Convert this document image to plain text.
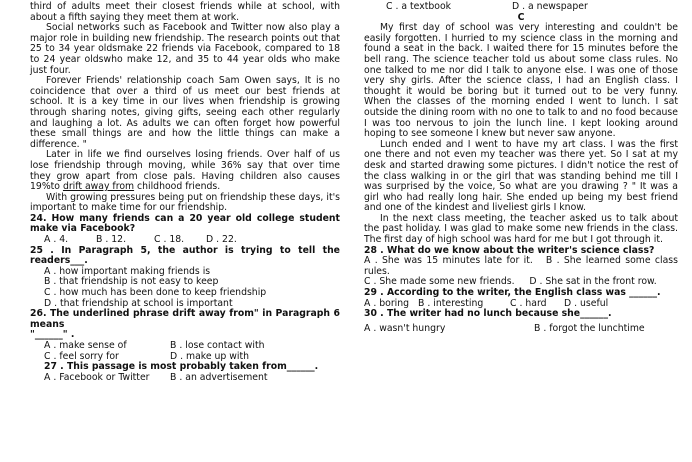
third of adults meet their closest friends while at school, with about a fifth saying they meet them at work.

Social networks such as Facebook and Twitter now also play a major role in building new friendship. The research points out that 25 to 34 year oldsmake 22 friends via Facebook, compared to 18 to 24 year oldswho make 12, and 35 to 44 year olds who make just four.

Forever Friends' relationship coach Sam Owen says, It is no coincidence that over a third of us meet our best friends at school. It is a key time in our lives when friendship is growing through sharing notes, giving gifts, seeing each other regularly and laughing a lot. As adults we can often forget how powerful these small things are and how the little things can make a difference. "

Later in life we find ourselves losing friends. Over half of us lose friendship through moving, while 36% say that over time they grow apart from close pals. Having children also causes 19%to drift away from childhood friends.

With growing pressures being put on friendship these days, it's important to make time for our friendship.

24. How many friends can a 20 year old college student make via Facebook?

A . 4.	B . 12.	C . 18.	D . 22.

25 . In Paragraph 5, the author is trying to tell the readers___.

A . how important making friends is
B . that friendship is not easy to keep
C . how much has been done to keep friendship
D . that friendship at school is important

26. The underlined phrase drift away from" in Paragraph 6 means

"______" .

A . make sense of	B . lose contact with
C . feel sorry for	D . make up with

27 . This passage is most probably taken from______.

A . Facebook or Twitter	B . an advertisement
C . a textbook	D . a newspaper
C

My first day of school was very interesting and couldn't be easily forgotten. I hurried to my science class in the morning and found a seat in the back. I waited there for 15 minutes before the bell rang. The science teacher told us about some class rules. No one talked to me nor did I talk to anyone else. I was one of those very shy girls. After the science class, I had an English class. I thought it would be boring but it turned out to be very funny. When the classes of the morning ended I went to lunch. I sat outside the dining room with no one to talk to and no food because I was too nervous to join the lunch line. I kept looking around hoping to see someone I knew but never saw anyone.

Lunch ended and I went to have my art class. I was the first one there and not even my teacher was there yet. So I sat at my desk and started drawing some pictures. I didn't notice the rest of the class walking in or the girl that was standing behind me till I was surprised by the voice, So what are you drawing ? " It was a girl who had really long hair. She ended up being my best friend and one of the kindest and liveliest girls I know.

In the next class meeting, the teacher asked us to talk about the past holiday. I was glad to make some new friends in the class. The first day of high school was hard for me but I got through it.

28 . What do we know about the writer's science class?

A . She was 15 minutes late for it. B . She learned some class rules.

C . She made some new friends. D . She sat in the front row.

29 . According to the writer, the English class was ______.

A . boring B . interesting	C . hard	D . useful

30 . The writer had no lunch because she______.

A . wasn't hungry	B . forgot the lunchtime
